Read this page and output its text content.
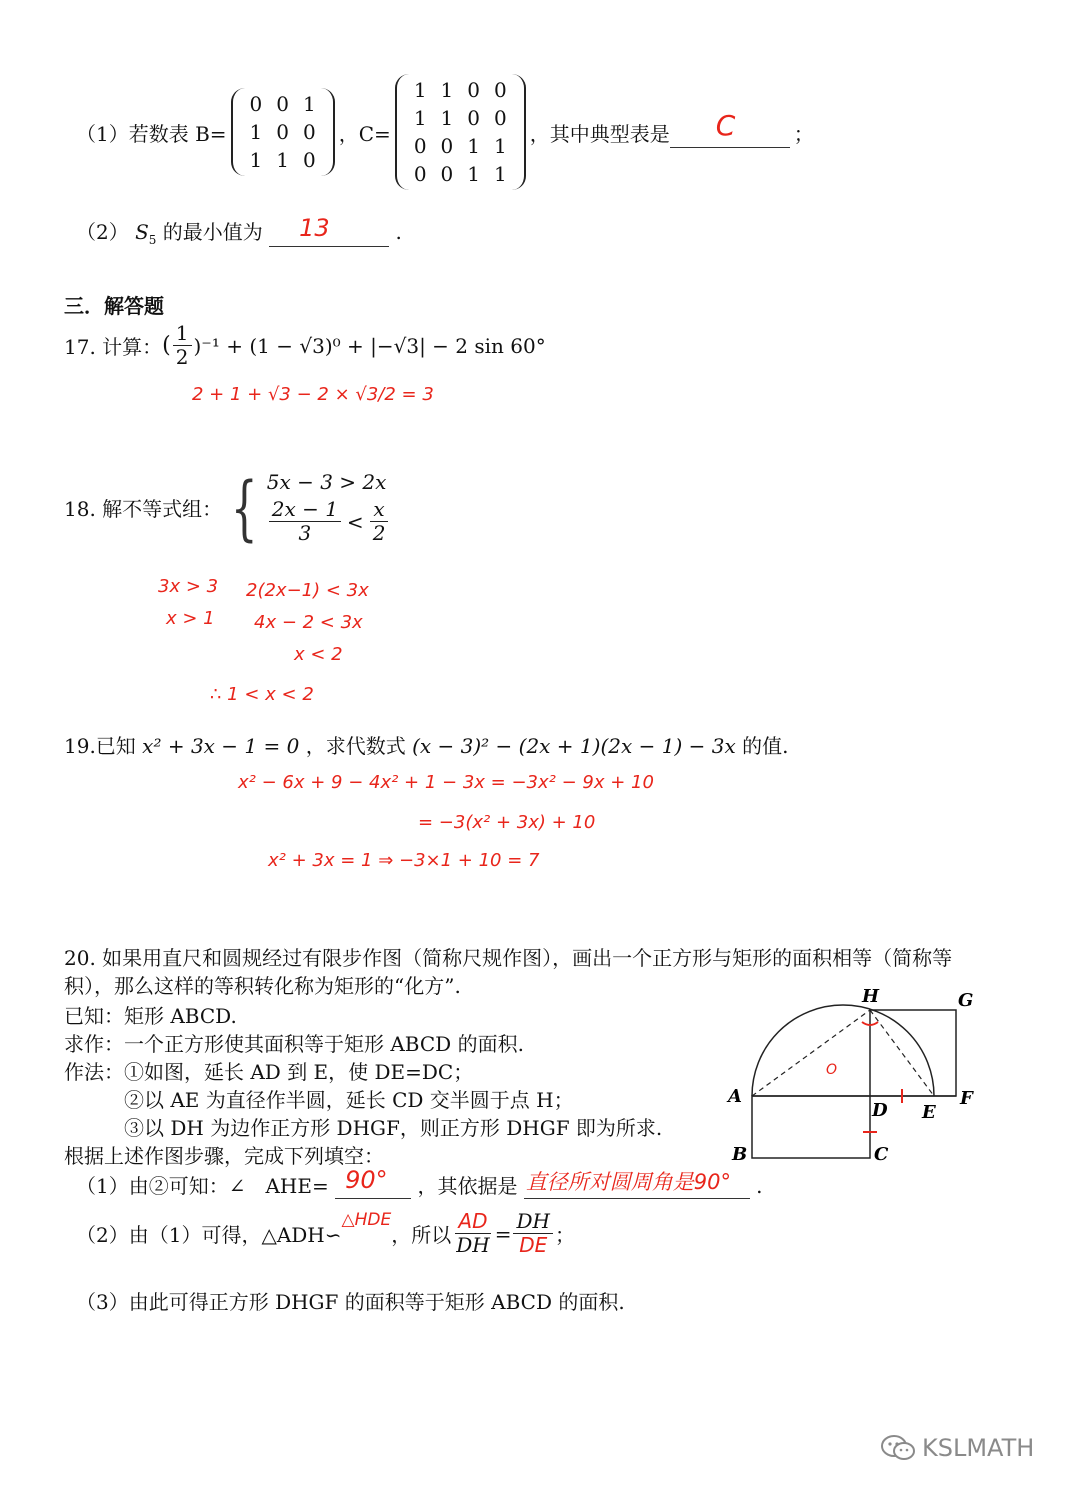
（1）若数表 B=
0	0	1
1	0	0
1	1	0
，C=
1	1	0	0
1	1	0	0
0	0	1	1
0	0	1	1
，其中典型表是 C	；
（2） $S_5$ 的最小值为 13	.
三．解答题
17. 计算： ( $\frac{1}{2} )^{-1} + (1 - √3)^0 + |-√3| - 2$ sin 60°
2 + 1 + √3 − 2 × √3/2 = 3
18. 解不等式组： { 5x − 3 > 2x
$\frac{2x - 1}{3} < \frac{x}{2}$
3x > 3
x > 1
2(2x−1) < 3x
4x − 2 < 3x
x < 2
∴ 1 < x < 2
19.已知 x² + 3x − 1 = 0 ，求代数式 (x − 3)² − (2x + 1)(2x − 1) − 3x 的值.
x² − 6x + 9 − 4x² + 1 − 3x = −3x² − 9x + 10
= −3(x² + 3x) + 10
x² + 3x = 1 ⇒ −3×1 + 10 = 7
20. 如果用直尺和圆规经过有限步作图（简称尺规作图），画出一个正方形与矩形的面积相等（简称等
积），那么这样的等积转化称为矩形的“化方”.
已知：矩形 ABCD.
求作：一个正方形使其面积等于矩形 ABCD 的面积.
作法：①如图，延长 AD 到 E，使 DE=DC；
②以 AE 为直径作半圆，延长 CD 交半圆于点 H；
③以 DH 为边作正方形 DHGF，则正方形 DHGF 即为所求.
根据上述作图步骤，完成下列填空：
（1）由②可知：∠　AHE= 90° ，其依据是 直径所对圆周角是90° .
（2）由（1）可得，△ADH∽
△HDE
，所以 $\frac{AD}{DH} = \frac{DH}{DE}$ ；
（3）由此可得正方形 DHGF 的面积等于矩形 ABCD 的面积.
H	G
A
D E
F
B	C
O
KSLMATH
